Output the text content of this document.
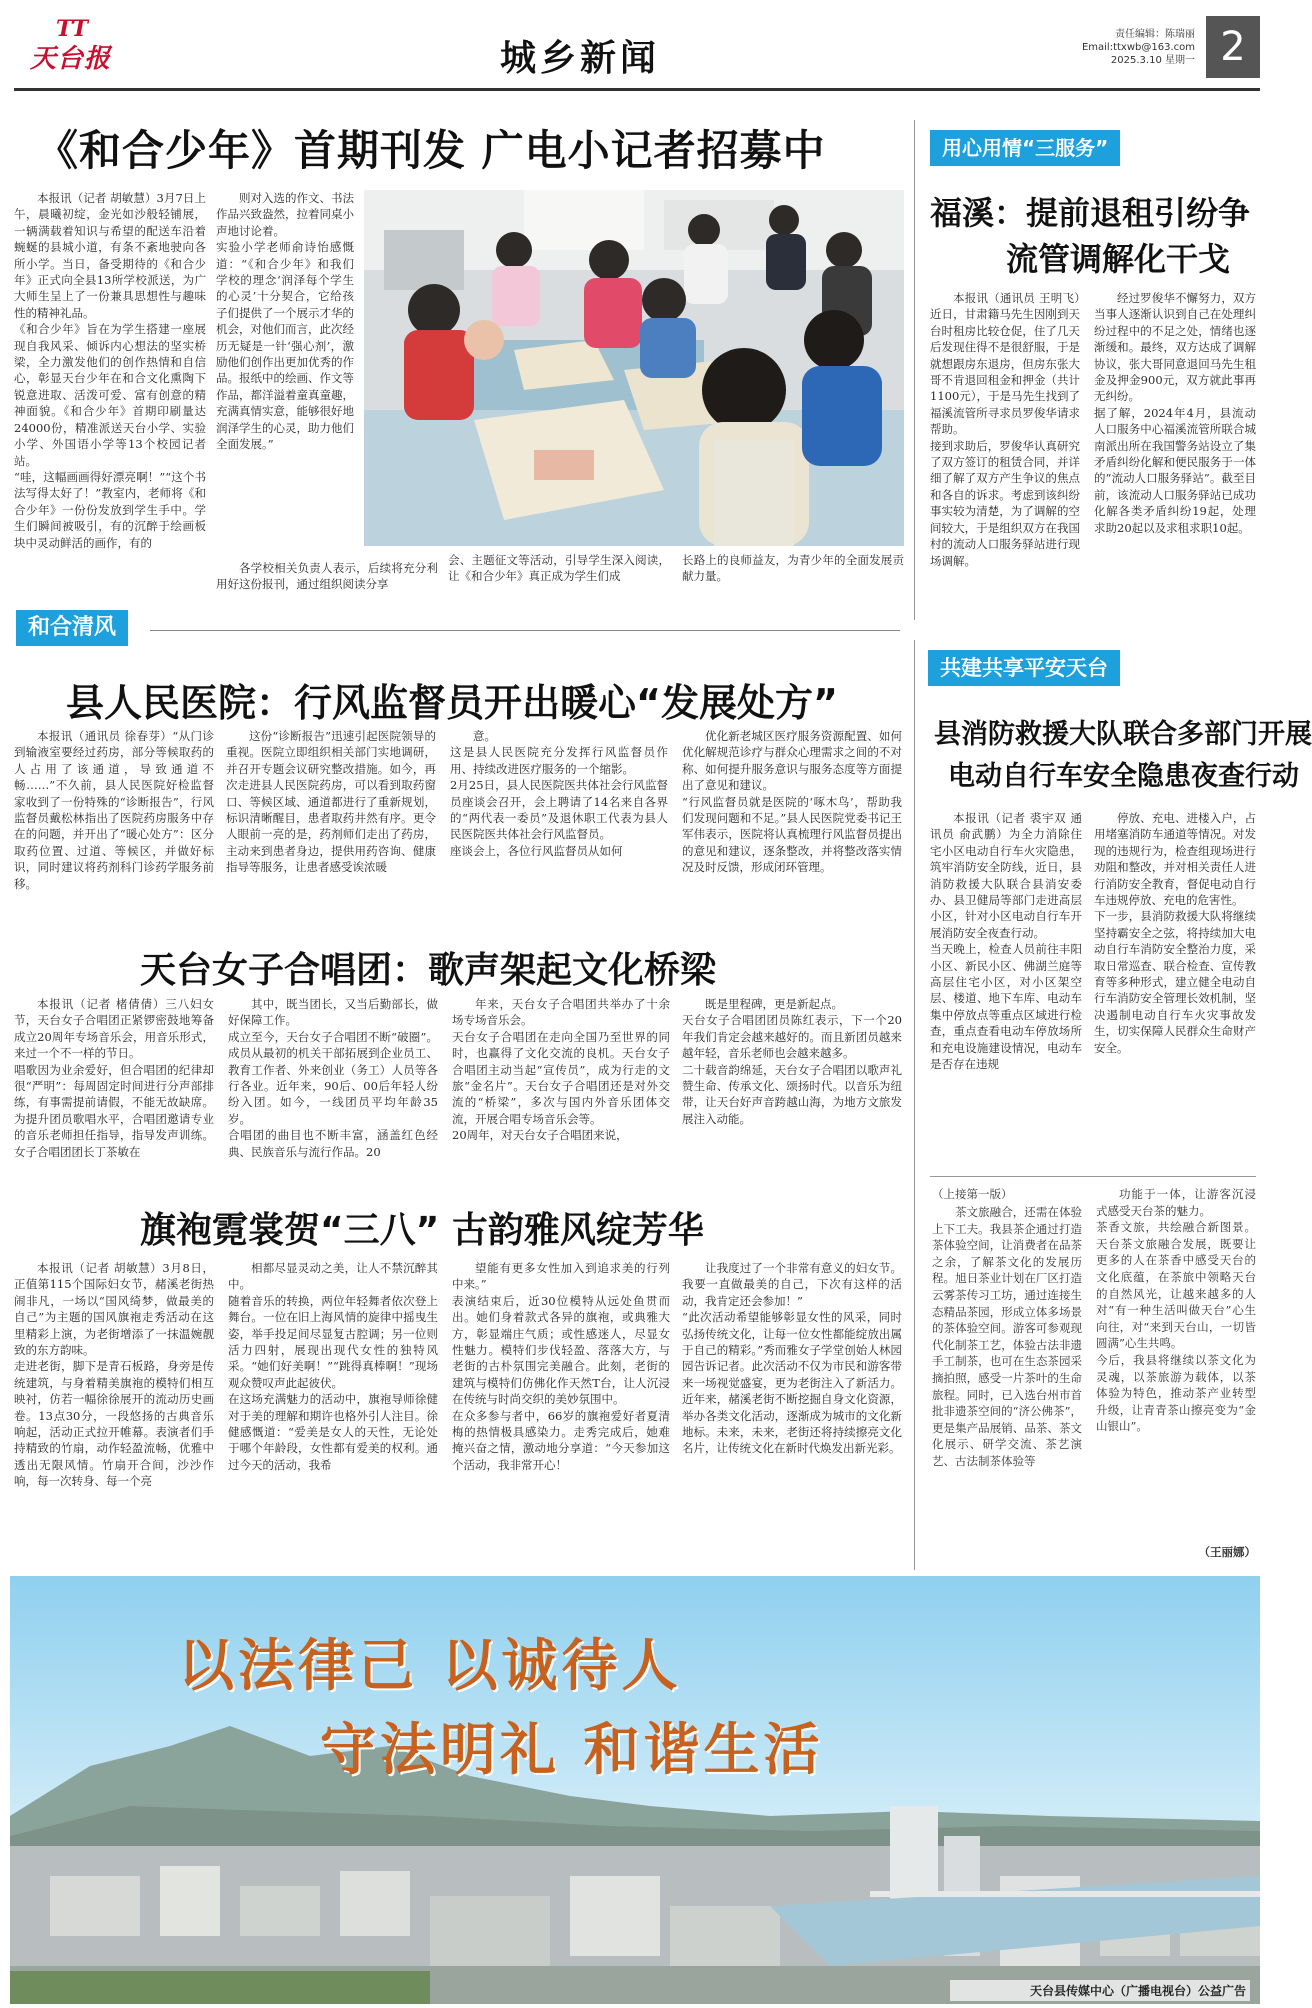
TT
天台报	城乡新闻
责任编辑：陈瑞丽
Email:ttxwb@163.com
2025.3.10 星期一 2
《和合少年》首期刊发 广电小记者招募中
本报讯（记者 胡敏慧）3月7日上午，晨曦初绽，金光如沙般轻铺展，一辆满载着知识与希望的配送车沿着蜿蜒的县城小道，有条不紊地驶向各所小学。当日，备受期待的《和合少年》正式向全县13所学校派送，为广大师生呈上了一份兼具思想性与趣味性的精神礼品。
《和合少年》旨在为学生搭建一座展现自我风采、倾诉内心想法的坚实桥梁，全力激发他们的创作热情和自信心，彰显天台少年在和合文化熏陶下锐意进取、活泼可爱、富有创意的精神面貌。《和合少年》首期印刷量达24000份，精准派送天台小学、实验小学、外国语小学等13个校园记者站。
“哇，这幅画画得好漂亮啊！”“这个书法写得太好了！”教室内，老师将《和合少年》一份份发放到学生手中。学生们瞬间被吸引，有的沉醉于绘画板块中灵动鲜活的画作，有的
则对入选的作文、书法作品兴致盎然，拉着同桌小声地讨论着。
实验小学老师俞诗怡感慨道：“《和合少年》和我们学校的理念‘润泽每个学生的心灵’十分契合，它给孩子们提供了一个展示才华的机会，对他们而言，此次经历无疑是一针‘强心剂’，激励他们创作出更加优秀的作品。报纸中的绘画、作文等作品，都洋溢着童真童趣，充满真情实意，能够很好地润泽学生的心灵，助力他们全面发展。”
各学校相关负责人表示，后续将充分利用好这份报刊，通过组织阅读分享
会、主题征文等活动，引导学生深入阅读，让《和合少年》真正成为学生们成
长路上的良师益友，为青少年的全面发展贡献力量。
用心用情“三服务”
福溪：提前退租引纷争
流管调解化干戈
本报讯（通讯员 王明飞）近日，甘肃籍马先生因刚到天台时租房比较仓促，住了几天后发现住得不是很舒服，于是就想跟房东退房，但房东张大哥不肯退回租金和押金（共计1100元），于是马先生找到了福溪流管所寻求员罗俊华请求帮助。
接到求助后，罗俊华认真研究了双方签订的租赁合同，并详细了解了双方产生争议的焦点和各自的诉求。考虑到该纠纷事实较为清楚，为了调解的空间较大，于是组织双方在我国村的流动人口服务驿站进行现场调解。
经过罗俊华不懈努力，双方当事人逐渐认识到自己在处理纠纷过程中的不足之处，情绪也逐渐缓和。最终，双方达成了调解协议，张大哥同意退回马先生租金及押金900元，双方就此事再无纠纷。
据了解，2024年4月，县流动人口服务中心福溪流管所联合城南派出所在我国警务站设立了集矛盾纠纷化解和便民服务于一体的“流动人口服务驿站”。截至目前，该流动人口服务驿站已成功化解各类矛盾纠纷19起，处理求助20起以及求租求职10起。
和合清风
县人民医院：行风监督员开出暖心“发展处方”
本报讯（通讯员 徐春芽）“从门诊到输液室要经过药房，部分等候取药的人占用了该通道，导致通道不畅……”不久前，县人民医院好检监督家收到了一份特殊的“诊断报告”，行风监督员戴松林指出了医院药房服务中存在的问题，并开出了“暖心处方”：区分取药位置、过道、等候区，并做好标识，同时建议将药剂科门诊药学服务前移。
这份“诊断报告”迅速引起医院领导的重视。医院立即组织相关部门实地调研，并召开专题会议研究整改措施。如今，再次走进县人民医院药房，可以看到取药窗口、等候区域、通道都进行了重新规划，标识清晰醒目，患者取药井然有序。更令人眼前一亮的是，药剂师们走出了药房，主动来到患者身边，提供用药咨询、健康指导等服务，让患者感受诶浓暖
意。
这是县人民医院充分发挥行风监督员作用、持续改进医疗服务的一个缩影。
2月25日，县人民医院医共体社会行风监督员座谈会召开，会上聘请了14名来自各界的“两代表一委员”及退休职工代表为县人民医院医共体社会行风监督员。
座谈会上，各位行风监督员从如何
优化新老城区医疗服务资源配置、如何优化解规范诊疗与群众心理需求之间的不对称、如何提升服务意识与服务态度等方面提出了意见和建议。
“行风监督员就是医院的‘啄木鸟’，帮助我们发现问题和不足。”县人民医院党委书记王军伟表示，医院将认真梳理行风监督员提出的意见和建议，逐条整改，并将整改落实情况及时反馈，形成闭环管理。
共建共享平安天台
县消防救援大队联合多部门开展
电动自行车安全隐患夜查行动
本报讯（记者 裘宇双 通讯员 俞武鹏）为全力消除住宅小区电动自行车火灾隐患，筑牢消防安全防线，近日，县消防救援大队联合县消安委办、县卫健局等部门走进高层小区，针对小区电动自行车开展消防安全夜查行动。
当天晚上，检查人员前往丰阳小区、新民小区、佛湖兰庭等高层住宅小区，对小区架空层、楼道、地下车库、电动车集中停放点等重点区域进行检查，重点查看电动车停放场所和充电设施建设情况，电动车是否存在违规
停放、充电、进楼入户，占用堵塞消防车通道等情况。对发现的违规行为，检查组现场进行劝阻和整改，并对相关责任人进行消防安全教育，督促电动自行车违规停放、充电的危害性。
下一步，县消防救援大队将继续坚持霸安全之弦，将持续加大电动自行车消防安全整治力度，采取日常巡查、联合检查、宣传教育等多种形式，建立健全电动自行车消防安全管理长效机制，坚决遏制电动自行车火灾事故发生，切实保障人民群众生命财产安全。
天台女子合唱团：歌声架起文化桥梁
本报讯（记者 楮倩倩）三八妇女节，天台女子合唱团正紧锣密鼓地筹备成立20周年专场音乐会，用音乐形式，来过一个不一样的节日。
唱歌因为业余爱好，但合唱团的纪律却很“严明”：每周固定时间进行分声部排练，有事需提前请假，不能无故缺席。为提升团员歌唱水平，合唱团邀请专业的音乐老师担任指导，指导发声训练。女子合唱团团长丁茶敏在
其中，既当团长，又当后勤部长，做好保障工作。
成立至今，天台女子合唱团不断“破圈”。成员从最初的机关干部拓展到企业员工、教育工作者、外来创业（务工）人员等各行各业。近年来，90后、00后年轻人纷纷入团。如今，一线团员平均年龄35岁。
合唱团的曲目也不断丰富，涵盖红色经典、民族音乐与流行作品。20
年来，天台女子合唱团共举办了十余场专场音乐会。
天台女子合唱团在走向全国乃至世界的同时，也赢得了文化交流的良机。天台女子合唱团主动当起“宣传员”，成为行走的文旅“金名片”。天台女子合唱团还是对外交流的“桥梁”，多次与国内外音乐团体交流，开展合唱专场音乐会等。
20周年，对天台女子合唱团来说，
既是里程碑，更是新起点。
天台女子合唱团团员陈红表示，下一个20年我们肯定会越来越好的。而且新团员越来越年轻，音乐老师也会越来越多。
二十载音韵绵延，天台女子合唱团以歌声礼赞生命、传承文化、颂扬时代。以音乐为纽带，让天台好声音跨越山海，为地方文旅发展注入动能。
旗袍霓裳贺“三八” 古韵雅风绽芳华
本报讯（记者 胡敏慧）3月8日，正值第115个国际妇女节，赭溪老街热闹非凡，一场以“国风绮梦，做最美的自己”为主题的国风旗袍走秀活动在这里精彩上演，为老街增添了一抹温婉靓致的东方韵味。
走进老街，脚下是青石板路，身旁是传统建筑，与身着精美旗袍的模特们相互映衬，仿若一幅徐徐展开的流动历史画卷。13点30分，一段悠扬的古典音乐响起，活动正式拉开帷幕。表演者们手持精致的竹扇，动作轻盈流畅，优雅中透出无限风情。竹扇开合间，沙沙作响，每一次转身、每一个亮
相都尽显灵动之美，让人不禁沉醉其中。
随着音乐的转换，两位年轻舞者依次登上舞台。一位在旧上海风情的旋律中摇曳生姿，举手投足间尽显复古腔调；另一位则活力四射，展现出现代女性的独特风采。“她们好美啊！”“跳得真棒啊！”现场观众赞叹声此起彼伏。
在这场充满魅力的活动中，旗袍导师徐健对于美的理解和期许也格外引人注目。徐健感慨道：“爱美是女人的天性，无论处于哪个年龄段，女性都有爱美的权利。通过今天的活动，我希
望能有更多女性加入到追求美的行列中来。”
表演结束后，近30位模特从远处鱼贯而出。她们身着款式各异的旗袍，或典雅大方，彰显端庄气质；或性感迷人，尽显女性魅力。模特们步伐轻盈、落落大方，与老街的古朴氛围完美融合。此刻，老街的建筑与模特们仿佛化作天然T台，让人沉浸在传统与时尚交织的美妙氛围中。
在众多参与者中，66岁的旗袍爱好者夏清梅的热情极具感染力。走秀完成后，她难掩兴奋之情，激动地分享道：“今天参加这个活动，我非常开心！
让我度过了一个非常有意义的妇女节。我要一直做最美的自己，下次有这样的活动，我肯定还会参加！”
“此次活动希望能够彰显女性的风采，同时弘扬传统文化，让每一位女性都能绽放出属于自己的精彩。”秀而雅女子学堂创始人林园园告诉记者。此次活动不仅为市民和游客带来一场视觉盛宴，更为老街注入了新活力。近年来，赭溪老街不断挖掘自身文化资源，举办各类文化活动，逐渐成为城市的文化新地标。未来，未来，老街还将持续擦亮文化名片，让传统文化在新时代焕发出新光彩。
（上接第一版）
茶文旅融合，还需在体验上下工夫。我县茶企通过打造茶体验空间，让消费者在品茶之余，了解茶文化的发展历程。旭日茶业计划在厂区打造云雾茶传习工坊，通过连接生态精品茶园，形成立体多场景的茶体验空间。游客可参观现代化制茶工艺，体验古法非遗手工制茶，也可在生态茶园采摘拍照，感受一片茶叶的生命旅程。同时，已入选台州市首批非遗茶空间的“济公佛茶”，更是集产品展销、品茶、茶文化展示、研学交流、茶艺演艺、古法制茶体验等
功能于一体，让游客沉浸式感受天台茶的魅力。
茶香文旅，共绘融合新图景。天台茶文旅融合发展，既要让更多的人在茶香中感受天台的文化底蕴，在茶旅中领略天台的自然风光，让越来越多的人对“有一种生活叫做天台”心生向往，对“来到天台山，一切皆圆满”心生共鸣。
今后，我县将继续以茶文化为灵魂，以茶旅游为载体，以茶体验为特色，推动茶产业转型升级，让青青茶山擦亮变为“金山银山”。
（王丽娜）
以法律己 以诚待人
守法明礼 和谐生活
天台县传媒中心（广播电视台）公益广告
